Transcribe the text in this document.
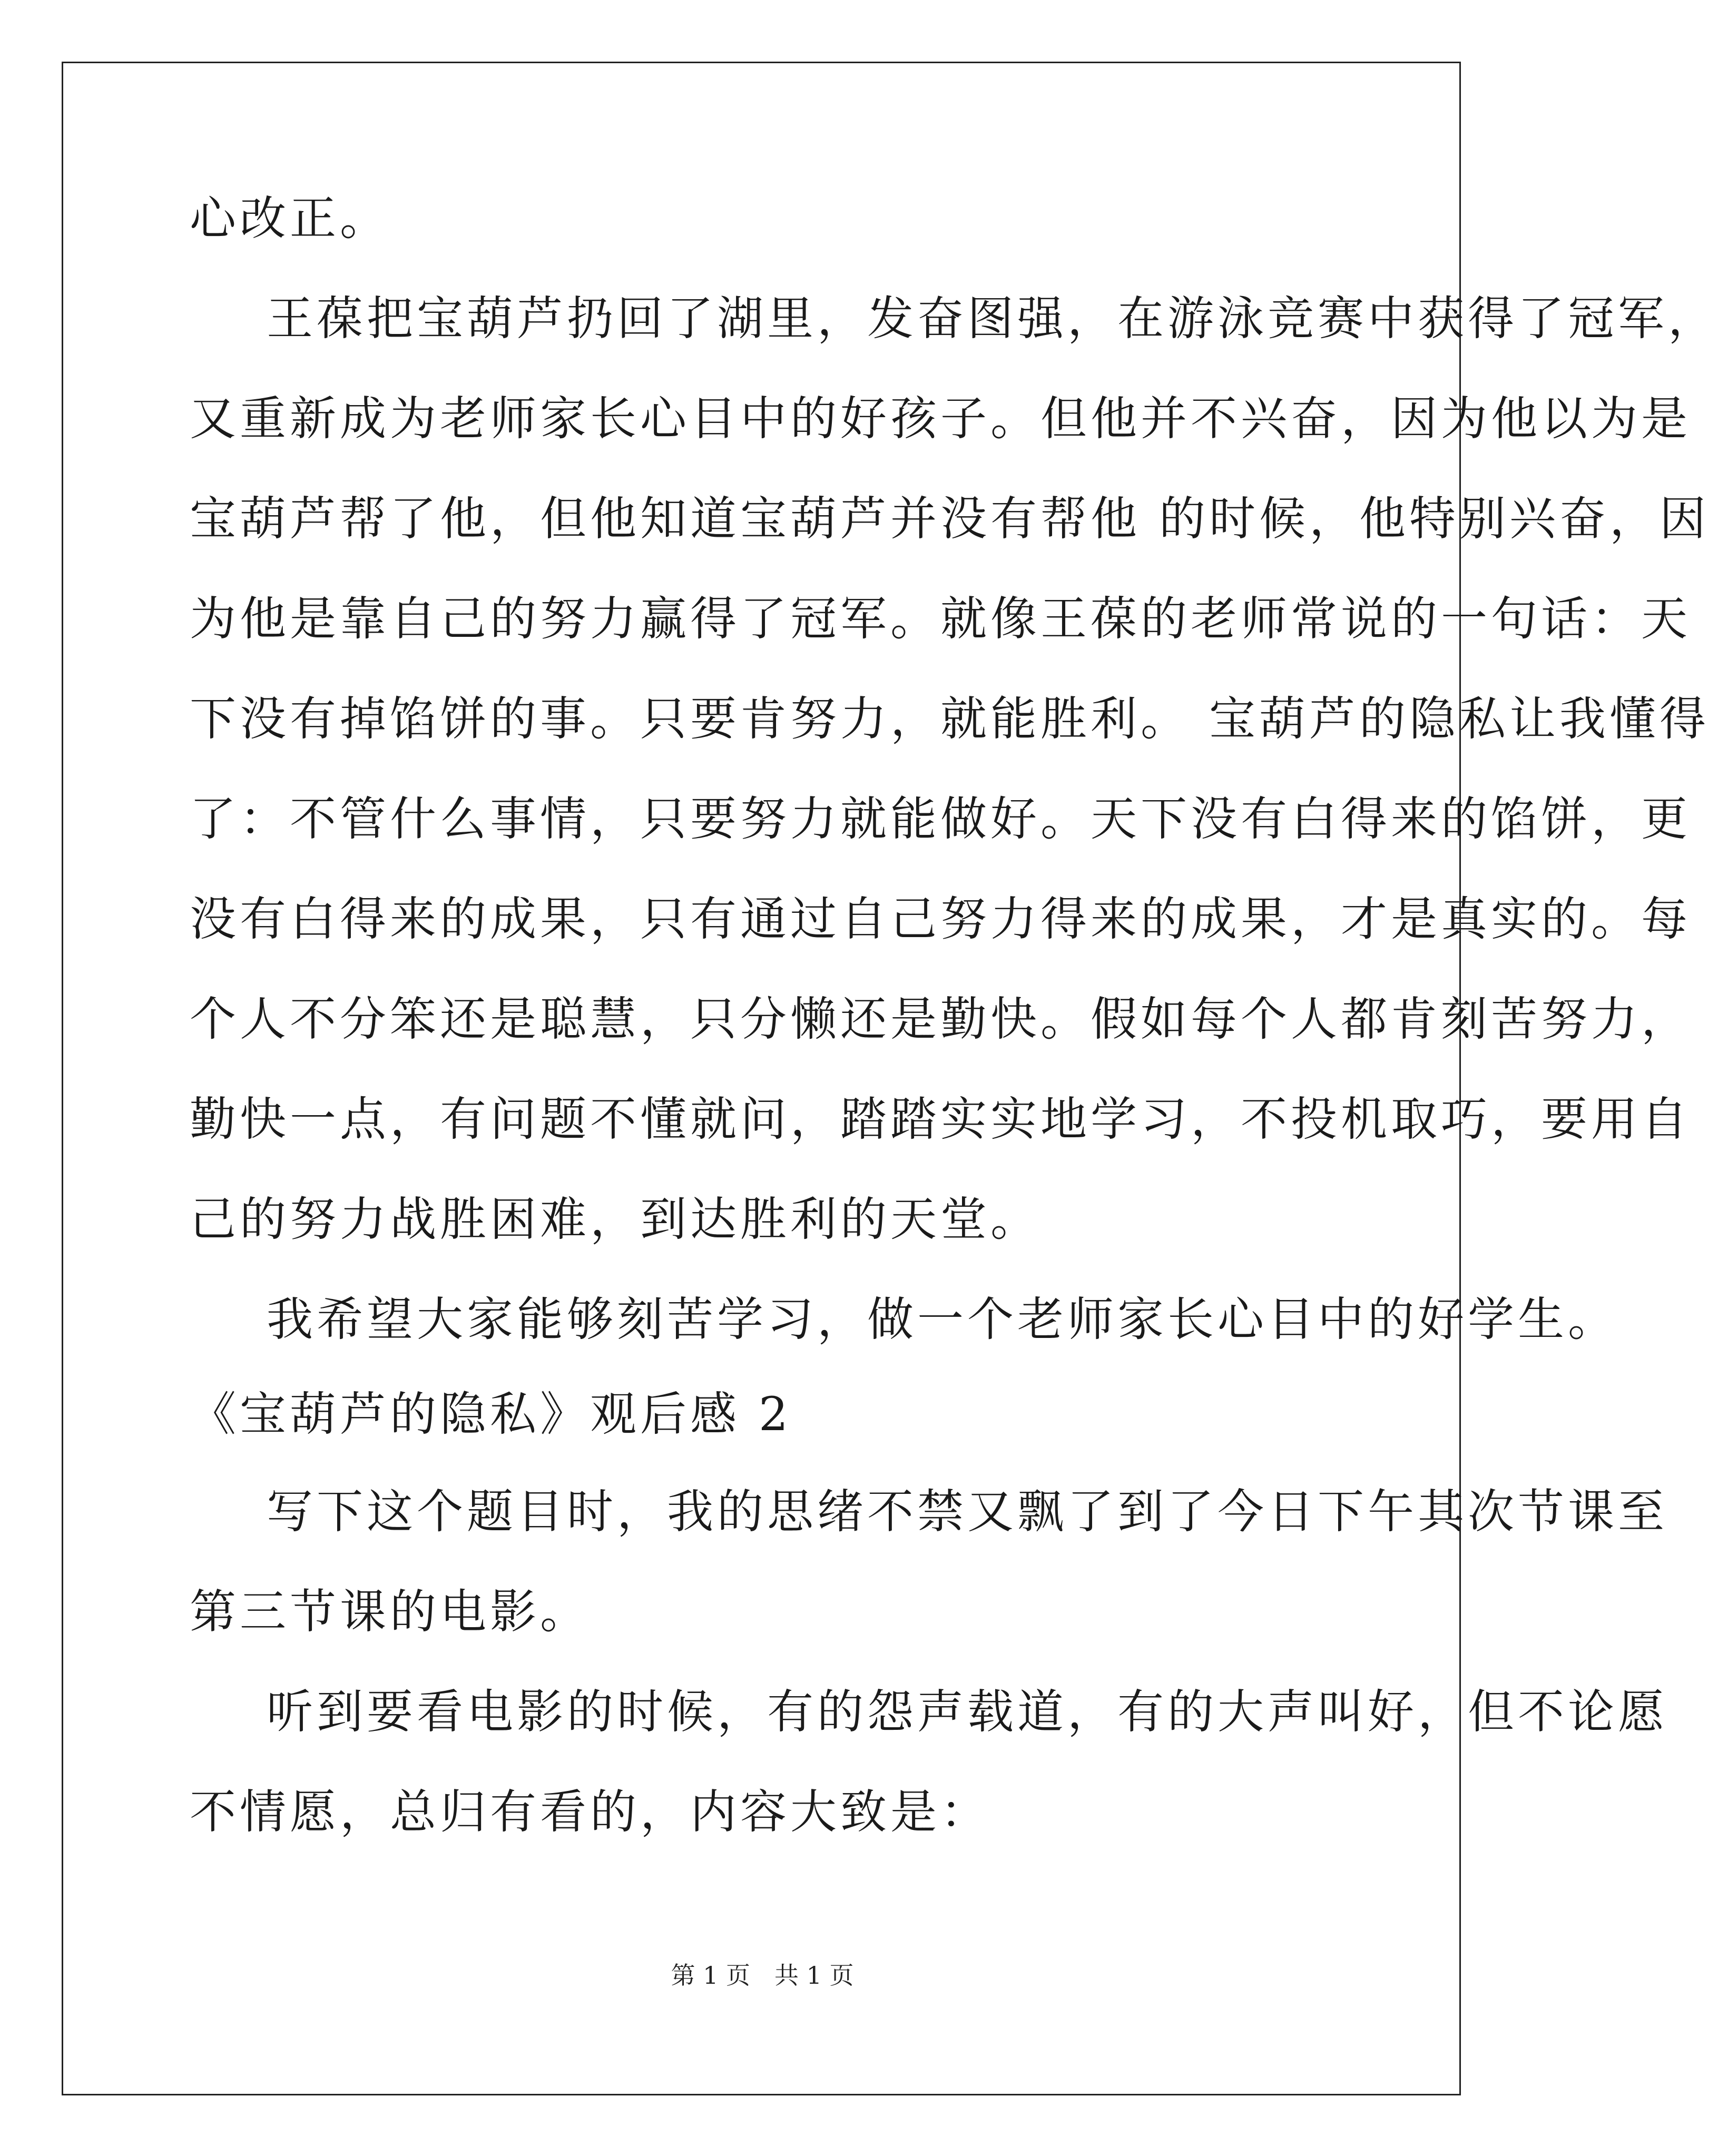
心改正。
王葆把宝葫芦扔回了湖里，发奋图强，在游泳竞赛中获得了冠军，
又重新成为老师家长心目中的好孩子。但他并不兴奋，因为他以为是
宝葫芦帮了他，但他知道宝葫芦并没有帮他 的时候，他特别兴奋，因
为他是靠自己的努力赢得了冠军。就像王葆的老师常说的一句话：天
下没有掉馅饼的事。只要肯努力，就能胜利。 宝葫芦的隐私让我懂得
了：不管什么事情，只要努力就能做好。天下没有白得来的馅饼，更
没有白得来的成果，只有通过自己努力得来的成果，才是真实的。每
个人不分笨还是聪慧，只分懒还是勤快。假如每个人都肯刻苦努力，
勤快一点，有问题不懂就问，踏踏实实地学习，不投机取巧，要用自
己的努力战胜困难，到达胜利的天堂。
我希望大家能够刻苦学习，做一个老师家长心目中的好学生。
《宝葫芦的隐私》观后感 2
写下这个题目时，我的思绪不禁又飘了到了今日下午其次节课至
第三节课的电影。
听到要看电影的时候，有的怨声载道，有的大声叫好，但不论愿
不情愿，总归有看的，内容大致是：
第 1 页　共 1 页
